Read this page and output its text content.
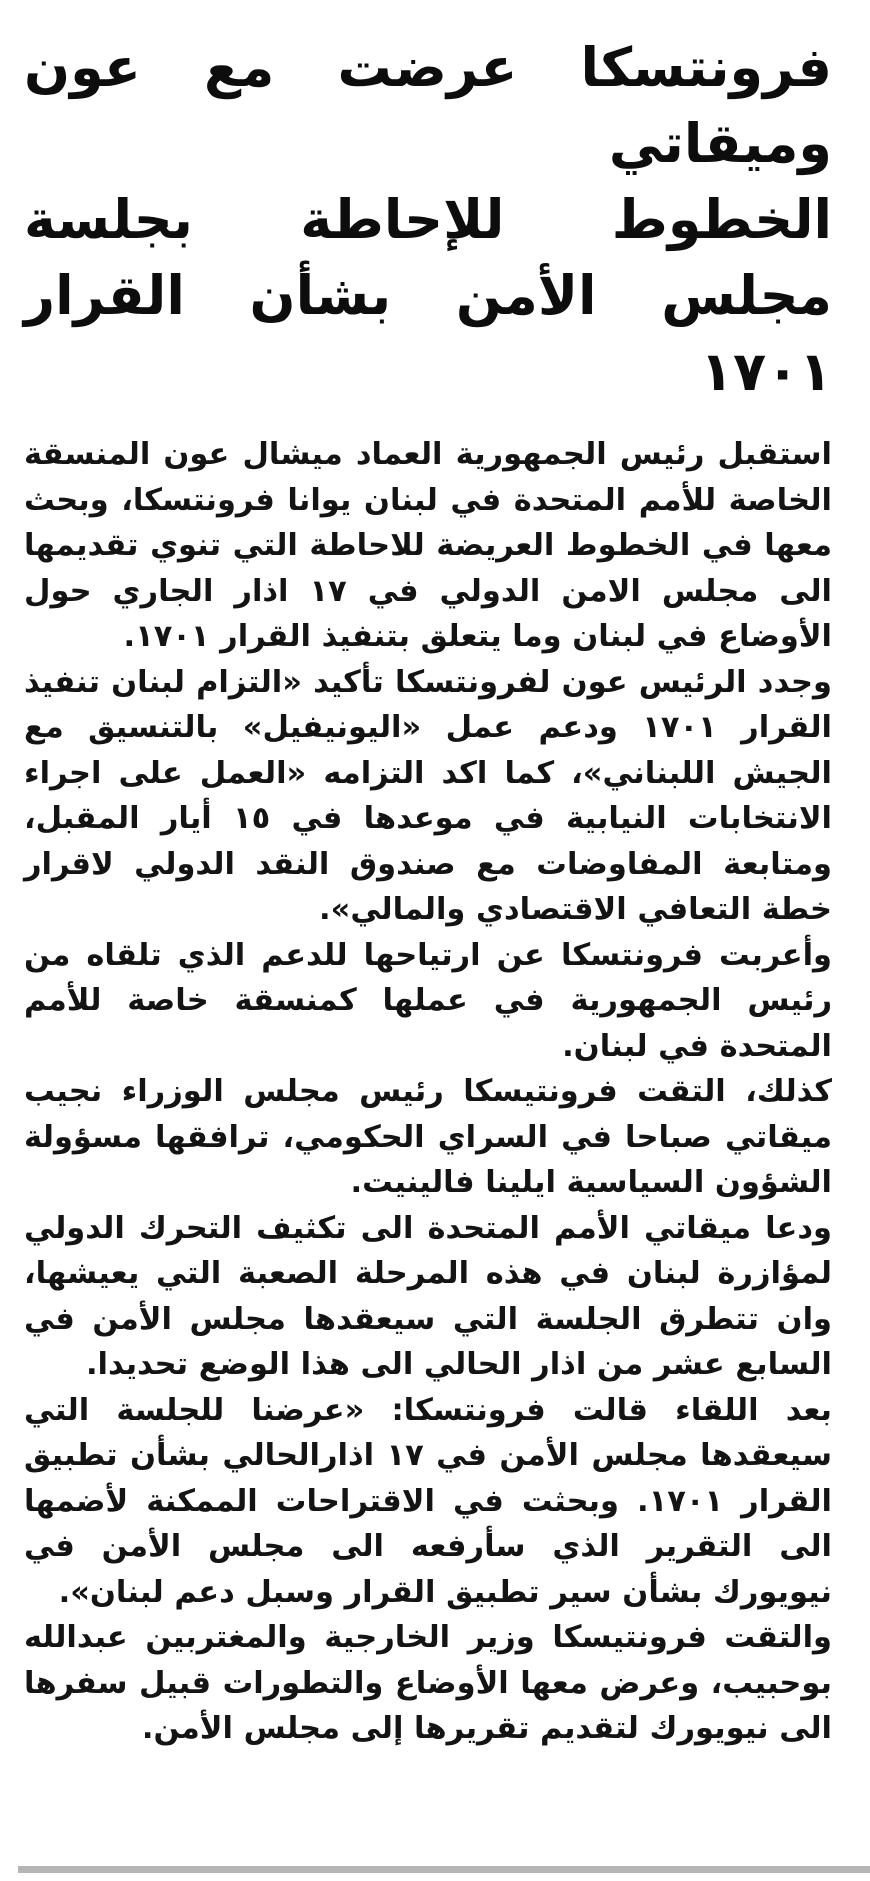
فرونتسكا عرضت مع عون وميقاتي
الخطوط للإحاطة بجلسة
مجلس الأمن بشأن القرار ١٧٠١

استقبل رئيس الجمهورية العماد ميشال عون المنسقة الخاصة للأمم المتحدة في لبنان يوانا فرونتسكا، وبحث معها في الخطوط العريضة للاحاطة التي تنوي تقديمها الى مجلس الامن الدولي في ١٧ اذار الجاري حول الأوضاع في لبنان وما يتعلق بتنفيذ القرار ١٧٠١.

وجدد الرئيس عون لفرونتسكا تأكيد «التزام لبنان تنفيذ القرار ١٧٠١ ودعم عمل «اليونيفيل» بالتنسيق مع الجيش اللبناني»، كما اكد التزامه «العمل على اجراء الانتخابات النيابية في موعدها في ١٥ أيار المقبل، ومتابعة المفاوضات مع صندوق النقد الدولي لاقرار خطة التعافي الاقتصادي والمالي».

وأعربت فرونتسكا عن ارتياحها للدعم الذي تلقاه من رئيس الجمهورية في عملها كمنسقة خاصة للأمم المتحدة في لبنان.

كذلك، التقت فرونتيسكا رئيس مجلس الوزراء نجيب ميقاتي صباحا في السراي الحكومي، ترافقها مسؤولة الشؤون السياسية ايلينا فالينيت.

ودعا ميقاتي الأمم المتحدة الى تكثيف التحرك الدولي لمؤازرة لبنان في هذه المرحلة الصعبة التي يعيشها، وان تتطرق الجلسة التي سيعقدها مجلس الأمن في السابع عشر من اذار الحالي الى هذا الوضع تحديدا.

بعد اللقاء قالت فرونتسكا: «عرضنا للجلسة التي سيعقدها مجلس الأمن في ١٧ اذارالحالي بشأن تطبيق القرار ١٧٠١. وبحثت في الاقتراحات الممكنة لأضمها الى التقرير الذي سأرفعه الى مجلس الأمن في نيويورك بشأن سير تطبيق القرار وسبل دعم لبنان».

والتقت فرونتيسكا وزير الخارجية والمغتربين عبدالله بوحبيب، وعرض معها الأوضاع والتطورات قبيل سفرها الى نيويورك لتقديم تقريرها إلى مجلس الأمن.
